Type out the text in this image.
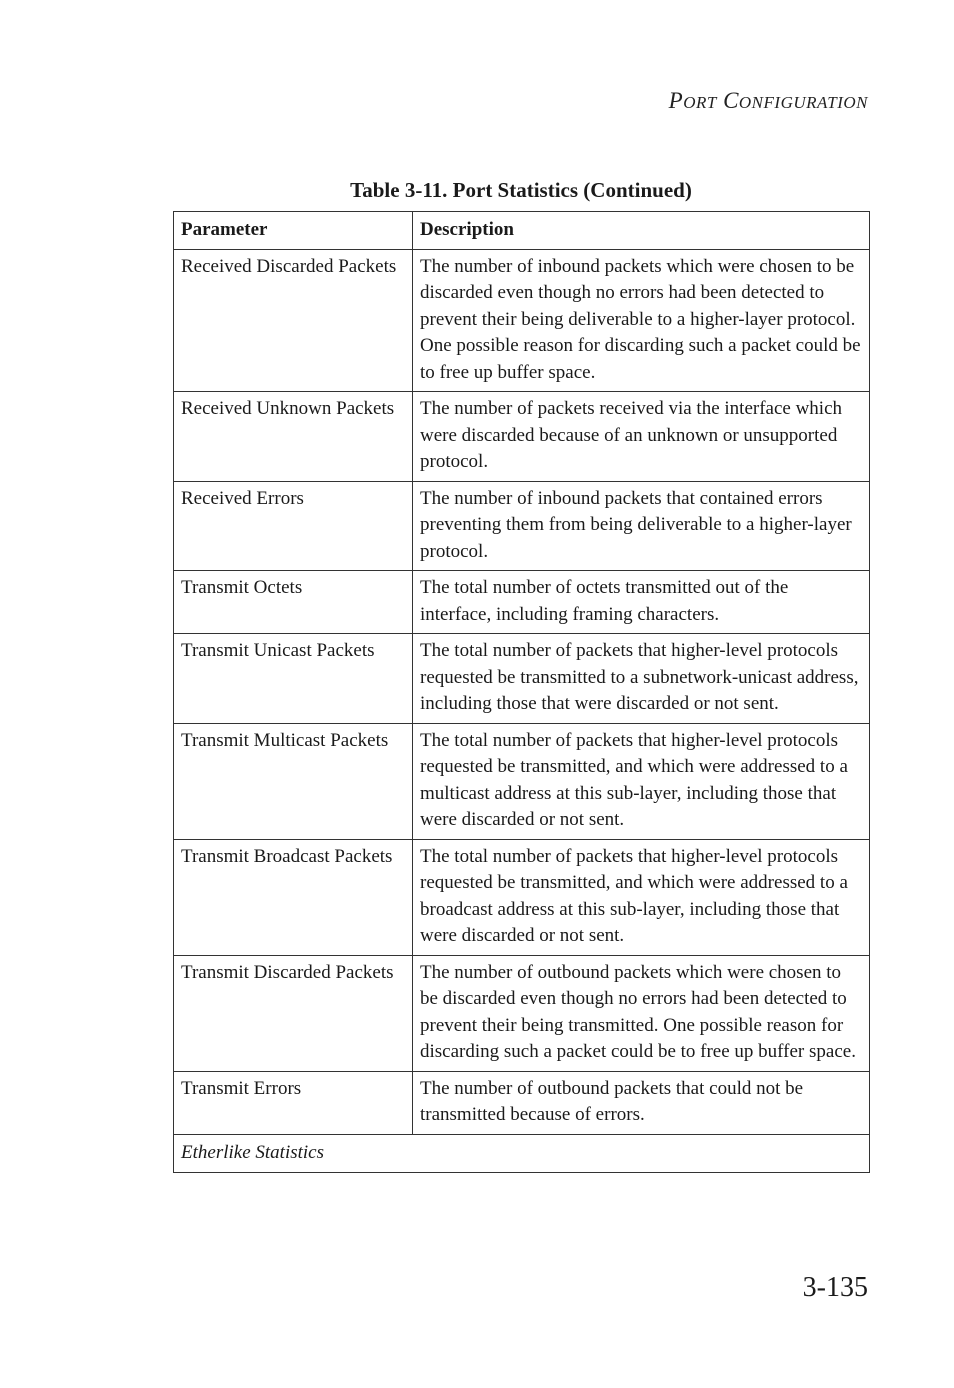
PORT CONFIGURATION
Table 3-11. Port Statistics (Continued)
Parameter	Description
Received Discarded Packets	The number of inbound packets which were chosen to be discarded even though no errors had been detected to prevent their being deliverable to a higher-layer protocol. One possible reason for discarding such a packet could be to free up buffer space.
Received Unknown Packets	The number of packets received via the interface which were discarded because of an unknown or unsupported protocol.
Received Errors	The number of inbound packets that contained errors preventing them from being deliverable to a higher-layer protocol.
Transmit Octets	The total number of octets transmitted out of the interface, including framing characters.
Transmit Unicast Packets	The total number of packets that higher-level protocols requested be transmitted to a subnetwork-unicast address, including those that were discarded or not sent.
Transmit Multicast Packets	The total number of packets that higher-level protocols requested be transmitted, and which were addressed to a multicast address at this sub-layer, including those that were discarded or not sent.
Transmit Broadcast Packets	The total number of packets that higher-level protocols requested be transmitted, and which were addressed to a broadcast address at this sub-layer, including those that were discarded or not sent.
Transmit Discarded Packets	The number of outbound packets which were chosen to be discarded even though no errors had been detected to prevent their being transmitted. One possible reason for discarding such a packet could be to free up buffer space.
Transmit Errors	The number of outbound packets that could not be transmitted because of errors.
Etherlike Statistics	
3-135
